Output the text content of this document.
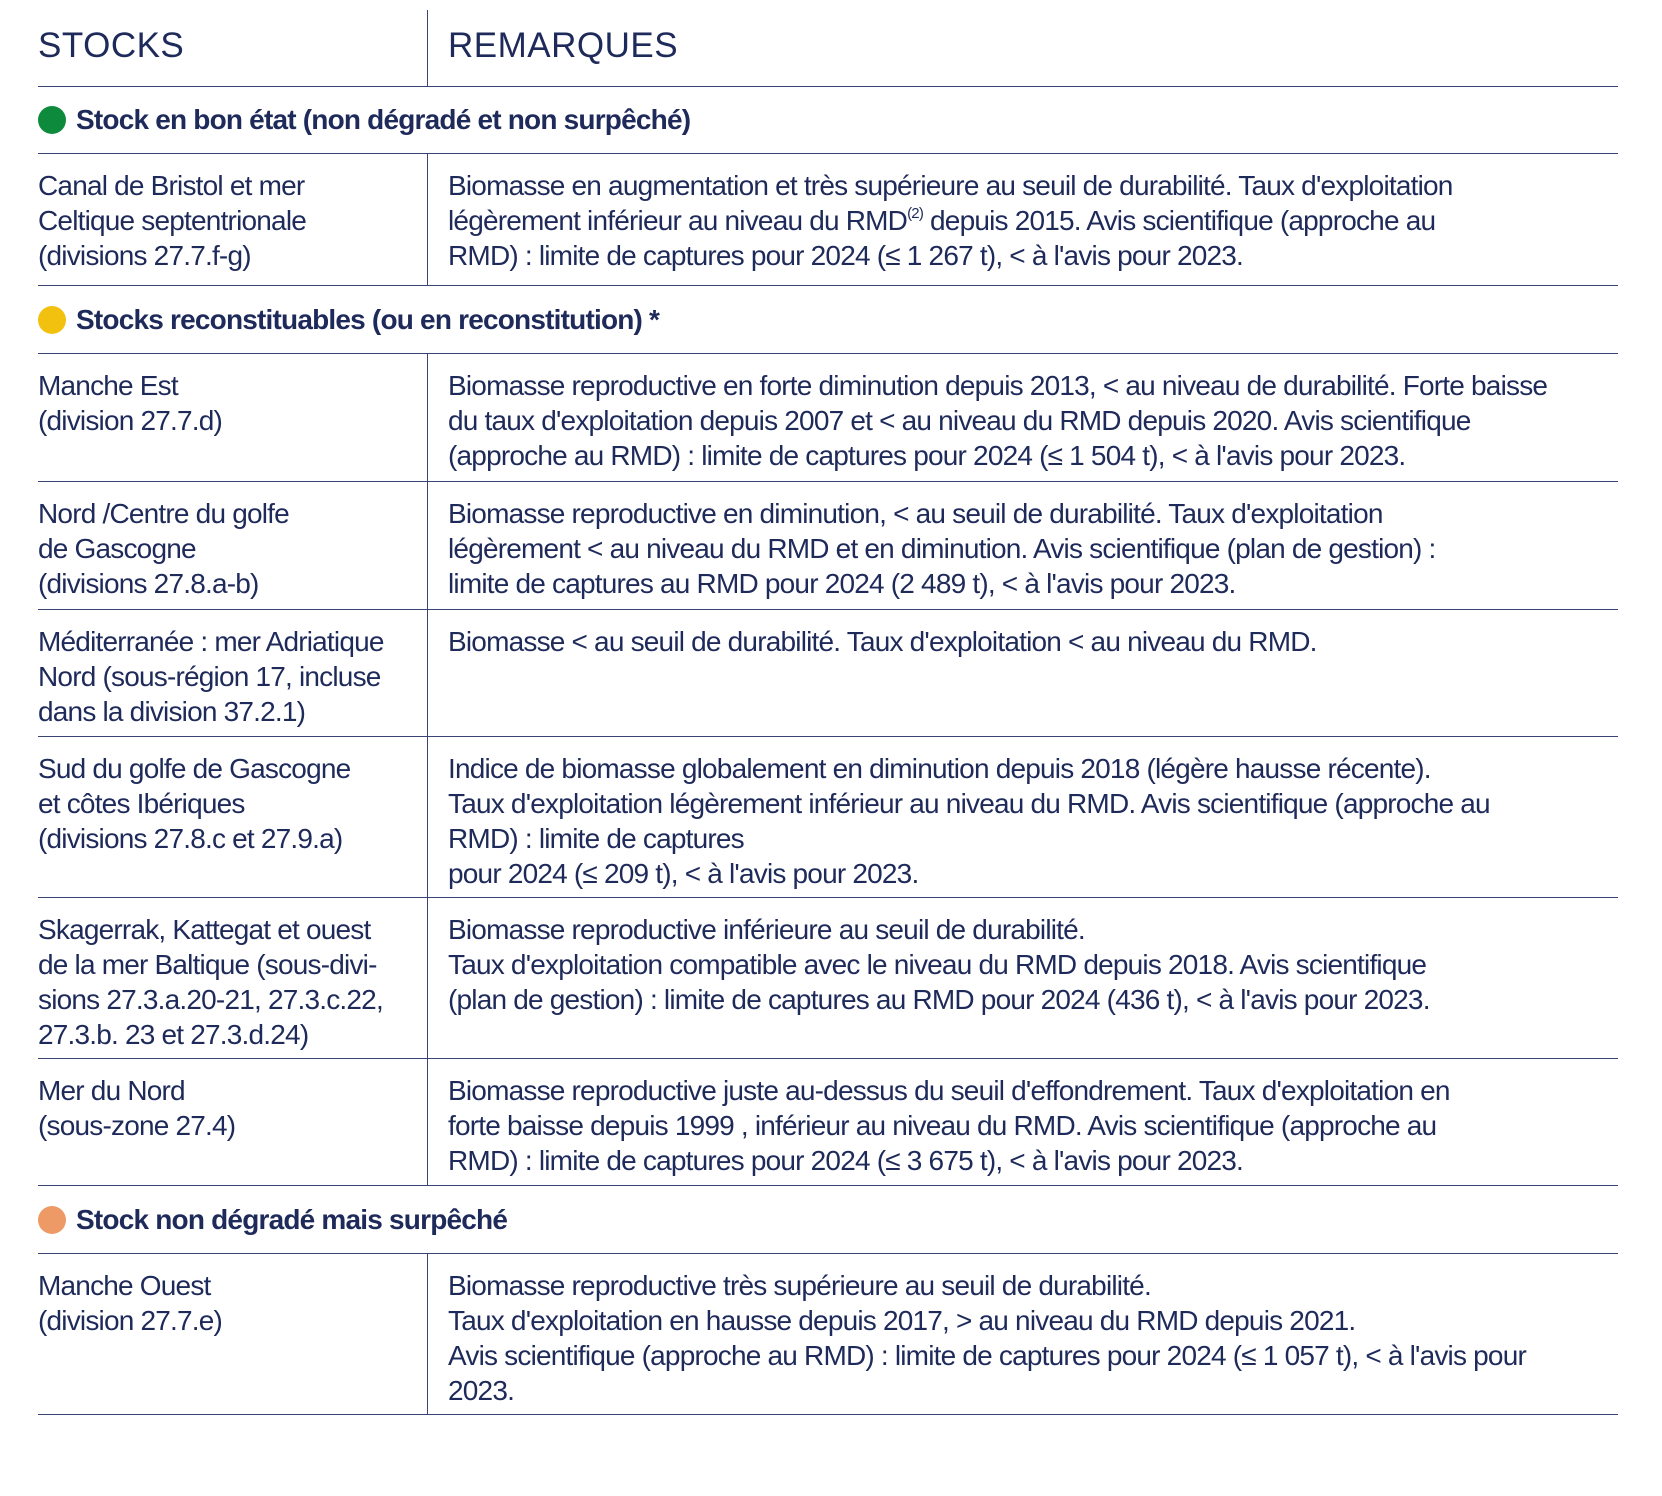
STOCKS	REMARQUES
Stock en bon état (non dégradé et non surpêché)
Canal de Bristol et mer
Celtique septentrionale
(divisions 27.7.f-g)
Biomasse en augmentation et très supérieure au seuil de durabilité. Taux d'exploitation
légèrement inférieur au niveau du RMD$^{(2)}$ depuis 2015. Avis scientifique (approche au
RMD) : limite de captures pour 2024 (≤ 1 267 t), < à l'avis pour 2023.
Stocks reconstituables (ou en reconstitution) *
Manche Est
(division 27.7.d)
Biomasse reproductive en forte diminution depuis 2013, < au niveau de durabilité. Forte baisse
du taux d'exploitation depuis 2007 et < au niveau du RMD depuis 2020. Avis scientifique
(approche au RMD) : limite de captures pour 2024 (≤ 1 504 t), < à l'avis pour 2023.
Nord /Centre du golfe
de Gascogne
(divisions 27.8.a-b)
Biomasse reproductive en diminution, < au seuil de durabilité. Taux d'exploitation
légèrement < au niveau du RMD et en diminution. Avis scientifique (plan de gestion) :
limite de captures au RMD pour 2024 (2 489 t), < à l'avis pour 2023.
Méditerranée : mer Adriatique
Nord (sous-région 17, incluse
dans la division 37.2.1)
Biomasse < au seuil de durabilité. Taux d'exploitation < au niveau du RMD.
Sud du golfe de Gascogne
et côtes Ibériques
(divisions 27.8.c et 27.9.a)
Indice de biomasse globalement en diminution depuis 2018 (légère hausse récente).
Taux d'exploitation légèrement inférieur au niveau du RMD. Avis scientifique (approche au
RMD) : limite de captures
pour 2024 (≤ 209 t), < à l'avis pour 2023.
Skagerrak, Kattegat et ouest
de la mer Baltique (sous-divi-
sions 27.3.a.20-21, 27.3.c.22,
27.3.b. 23 et 27.3.d.24)
Biomasse reproductive inférieure au seuil de durabilité.
Taux d'exploitation compatible avec le niveau du RMD depuis 2018. Avis scientifique
(plan de gestion) : limite de captures au RMD pour 2024 (436 t), < à l'avis pour 2023.
Mer du Nord
(sous-zone 27.4)
Biomasse reproductive juste au-dessus du seuil d'effondrement. Taux d'exploitation en
forte baisse depuis 1999 , inférieur au niveau du RMD. Avis scientifique (approche au
RMD) : limite de captures pour 2024 (≤ 3 675 t), < à l'avis pour 2023.
Stock non dégradé mais surpêché
Manche Ouest
(division 27.7.e)
Biomasse reproductive très supérieure au seuil de durabilité.
Taux d'exploitation en hausse depuis 2017, > au niveau du RMD depuis 2021.
Avis scientifique (approche au RMD) : limite de captures pour 2024 (≤ 1 057 t), < à l'avis pour
2023.
